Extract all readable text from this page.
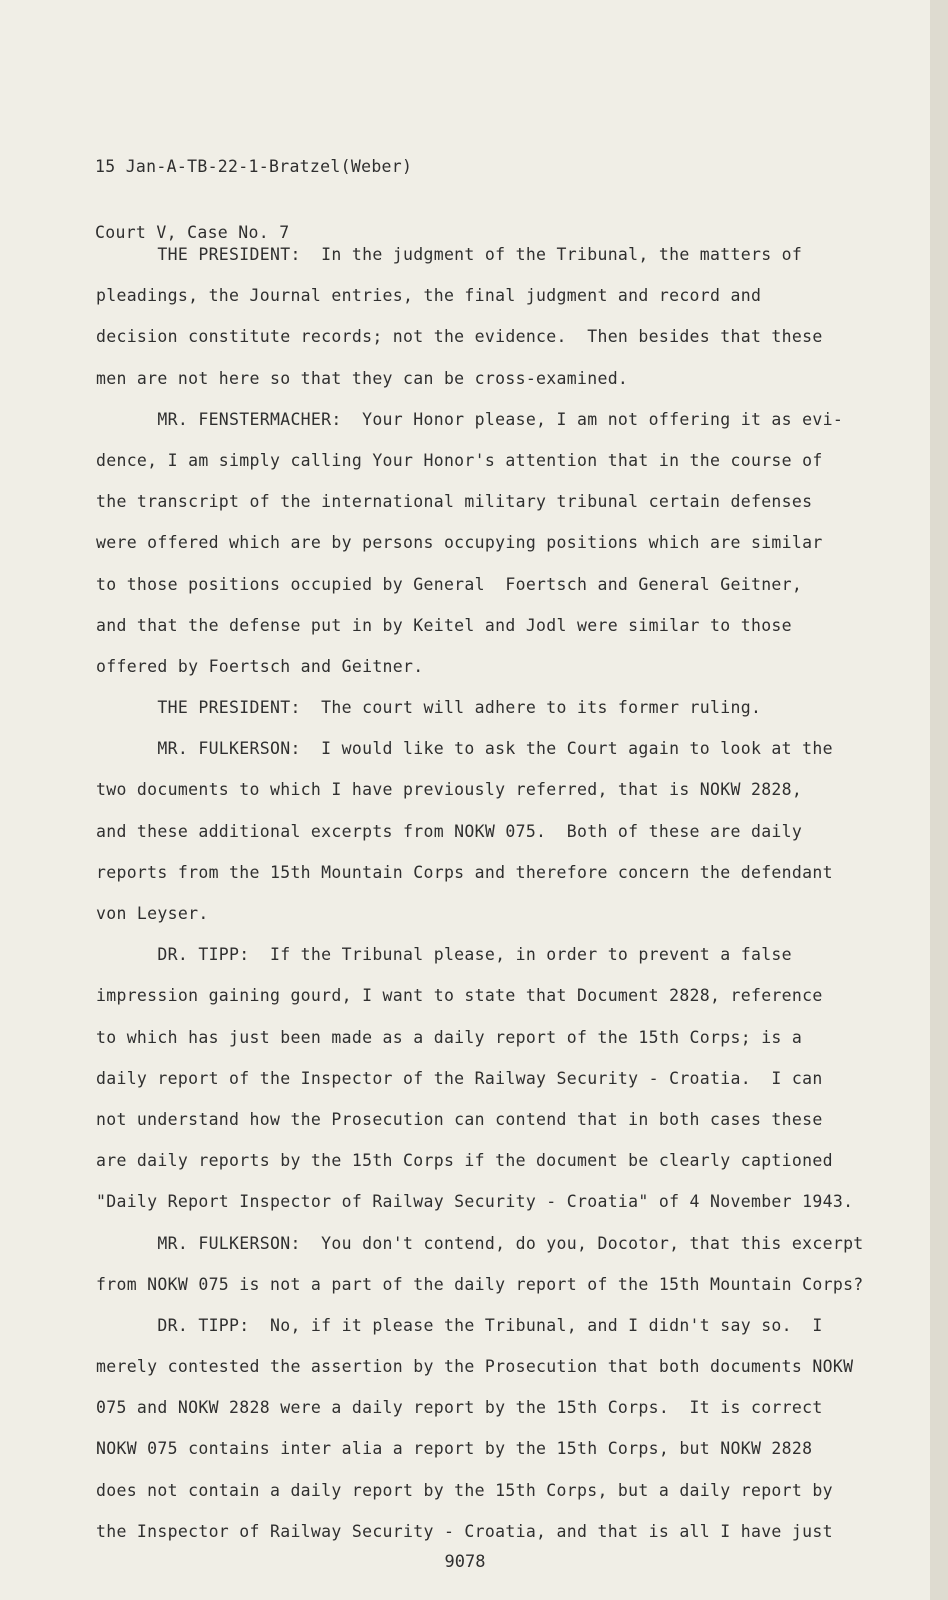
15 Jan-A-TB-22-1-Bratzel(Weber)

Court V, Case No. 7

THE PRESIDENT:  In the judgment of the Tribunal, the matters of
pleadings, the Journal entries, the final judgment and record and
decision constitute records; not the evidence.  Then besides that these
men are not here so that they can be cross-examined.
MR. FENSTERMACHER:  Your Honor please, I am not offering it as evi-
dence, I am simply calling Your Honor's attention that in the course of
the transcript of the international military tribunal certain defenses
were offered which are by persons occupying positions which are similar
to those positions occupied by General  Foertsch and General Geitner,
and that the defense put in by Keitel and Jodl were similar to those
offered by Foertsch and Geitner.
THE PRESIDENT:  The court will adhere to its former ruling.
MR. FULKERSON:  I would like to ask the Court again to look at the
two documents to which I have previously referred, that is NOKW 2828,
and these additional excerpts from NOKW 075.  Both of these are daily
reports from the 15th Mountain Corps and therefore concern the defendant
von Leyser.
DR. TIPP:  If the Tribunal please, in order to prevent a false
impression gaining gourd, I want to state that Document 2828, reference
to which has just been made as a daily report of the 15th Corps; is a
daily report of the Inspector of the Railway Security - Croatia.  I can
not understand how the Prosecution can contend that in both cases these
are daily reports by the 15th Corps if the document be clearly captioned
"Daily Report Inspector of Railway Security - Croatia" of 4 November 1943.
MR. FULKERSON:  You don't contend, do you, Docotor, that this excerpt
from NOKW 075 is not a part of the daily report of the 15th Mountain Corps?
DR. TIPP:  No, if it please the Tribunal, and I didn't say so.  I
merely contested the assertion by the Prosecution that both documents NOKW
075 and NOKW 2828 were a daily report by the 15th Corps.  It is correct
NOKW 075 contains inter alia a report by the 15th Corps, but NOKW 2828
does not contain a daily report by the 15th Corps, but a daily report by
the Inspector of Railway Security - Croatia, and that is all I have just
9078
